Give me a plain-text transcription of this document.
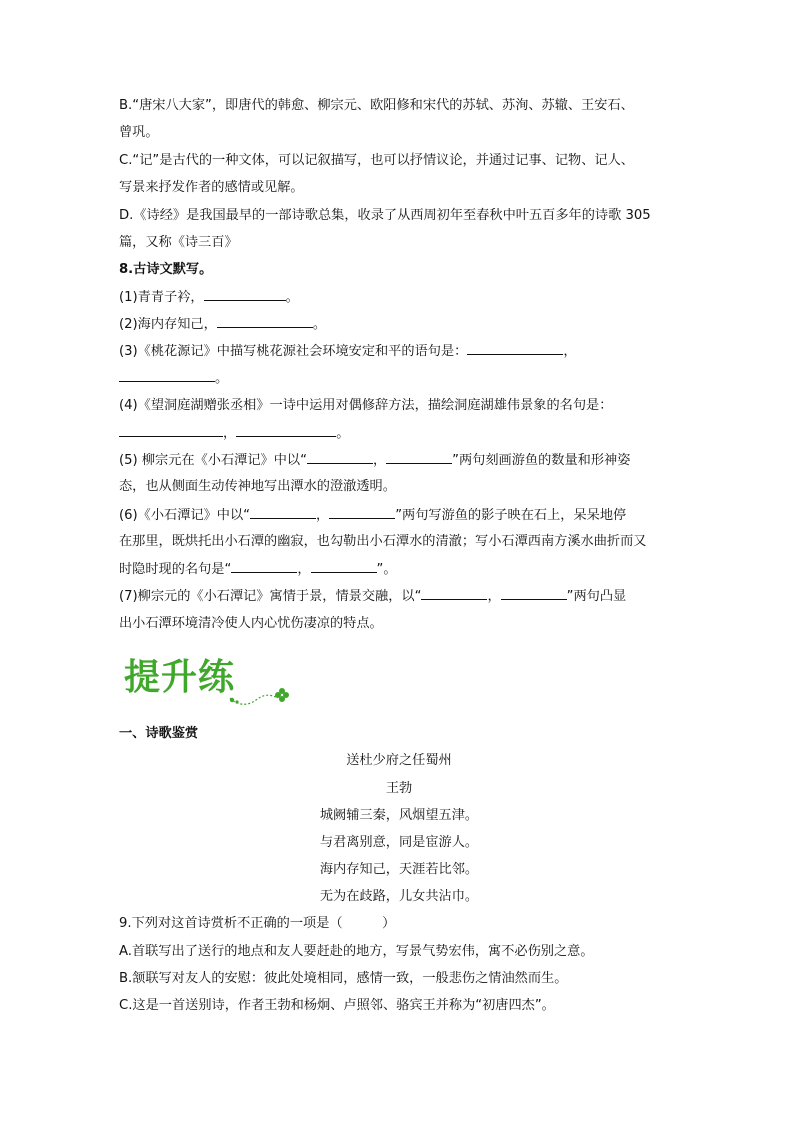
B.“唐宋八大家”，即唐代的韩愈、柳宗元、欧阳修和宋代的苏轼、苏洵、苏辙、王安石、
曾巩。
C.“记”是古代的一种文体，可以记叙描写，也可以抒情议论，并通过记事、记物、记人、
写景来抒发作者的感情或见解。
D.《诗经》是我国最早的一部诗歌总集，收录了从西周初年至春秋中叶五百多年的诗歌 305
篇，又称《诗三百》
8.古诗文默写。
(1)青青子衿，	。
(2)海内存知己，	。
(3)《桃花源记》中描写桃花源社会环境安定和平的语句是：	，
。
(4)《望洞庭湖赠张丞相》一诗中运用对偶修辞方法，描绘洞庭湖雄伟景象的名句是：
，	。
(5) 柳宗元在《小石潭记》中以“	，	”两句刻画游鱼的数量和形神姿
态，也从侧面生动传神地写出潭水的澄澈透明。
(6)《小石潭记》中以“	，	”两句写游鱼的影子映在石上，呆呆地停
在那里，既烘托出小石潭的幽寂，也勾勒出小石潭水的清澈；写小石潭西南方溪水曲折而又
时隐时现的名句是“	，	”。
(7)柳宗元的《小石潭记》寓情于景，情景交融，以“	，	”两句凸显
出小石潭环境清冷使人内心忧伤凄凉的特点。
提升练
一、诗歌鉴赏
送杜少府之任蜀州
王勃
城阙辅三秦，风烟望五津。
与君离别意，同是宦游人。
海内存知己，天涯若比邻。
无为在歧路，儿女共沾巾。
9.下列对这首诗赏析不正确的一项是（　　　）
A.首联写出了送行的地点和友人要赶赴的地方，写景气势宏伟，寓不必伤别之意。
B.颔联写对友人的安慰：彼此处境相同，感情一致，一般悲伤之情油然而生。
C.这是一首送别诗，作者王勃和杨炯、卢照邻、骆宾王并称为“初唐四杰”。
